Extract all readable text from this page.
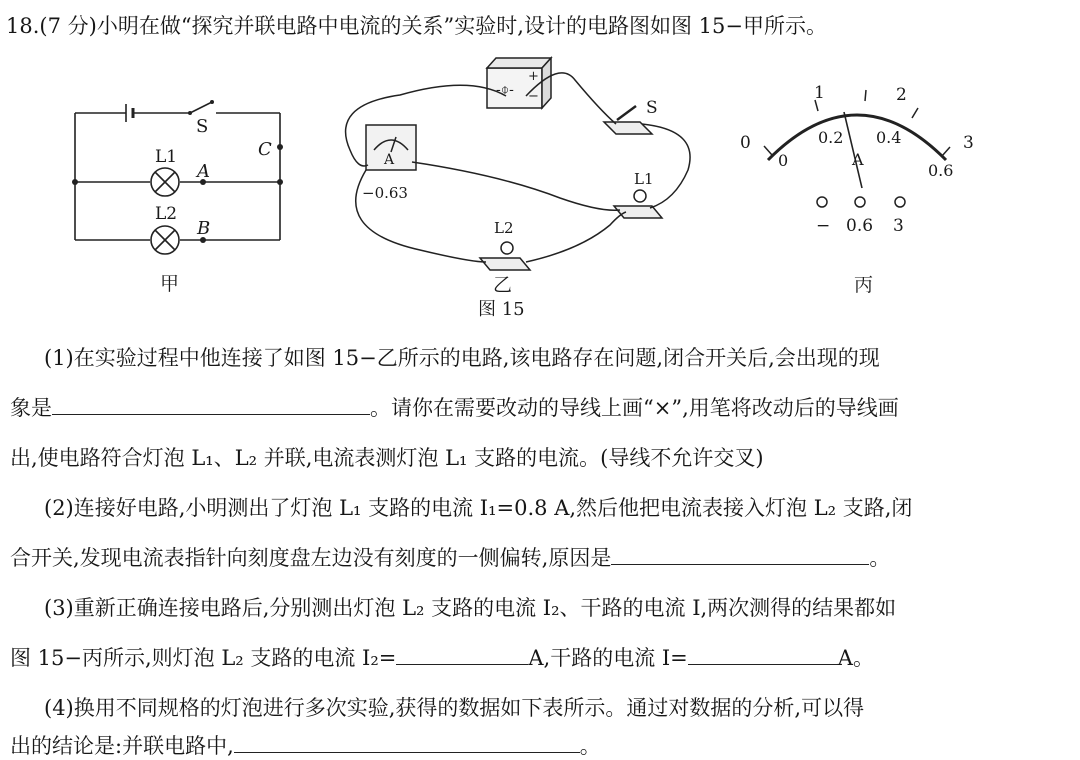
18.(7 分)小明在做“探究并联电路中电流的关系”实验时,设计的电路图如图 15−甲所示。
S
C
A
B
L1
L2
甲
-⌽-
+
−
A
−0.63
S
L1
L2
乙
图 15
0
1	2
3
0
0.2 0.4
0.6
A
− 0.6 3
丙
(1)在实验过程中他连接了如图 15−乙所示的电路,该电路存在问题,闭合开关后,会出现的现
象是	。请你在需要改动的导线上画“×”,用笔将改动后的导线画
出,使电路符合灯泡 L₁、L₂ 并联,电流表测灯泡 L₁ 支路的电流。(导线不允许交叉)
(2)连接好电路,小明测出了灯泡 L₁ 支路的电流 I₁=0.8 A,然后他把电流表接入灯泡 L₂ 支路,闭
合开关,发现电流表指针向刻度盘左边没有刻度的一侧偏转,原因是	。
(3)重新正确连接电路后,分别测出灯泡 L₂ 支路的电流 I₂、干路的电流 I,两次测得的结果都如
图 15−丙所示,则灯泡 L₂ 支路的电流 I₂=	A,干路的电流 I=	A。
(4)换用不同规格的灯泡进行多次实验,获得的数据如下表所示。通过对数据的分析,可以得
出的结论是:并联电路中,	。
